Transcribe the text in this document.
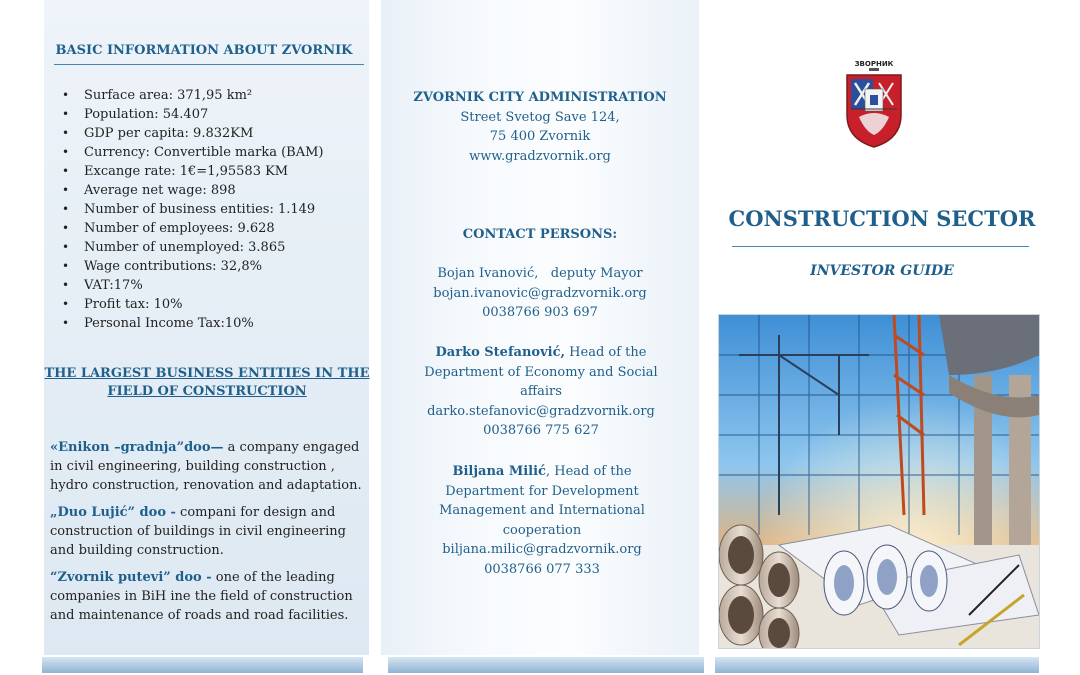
BASIC INFORMATION ABOUT ZVORNIK
• Surface area: 371,95 km²
• Population: 54.407
• GDP per capita: 9.832KM
• Currency: Convertible marka (BAM)
• Excange rate: 1€=1,95583 KM
• Average net wage: 898
• Number of business entities: 1.149
• Number of employees: 9.628
• Number of unemployed: 3.865
• Wage contributions: 32,8%
• VAT:17%
• Profit tax: 10%
• Personal Income Tax:10%
THE LARGEST BUSINESS ENTITIES IN THE FIELD OF CONSTRUCTION
«Enikon –gradnja”doo— a company engaged in civil engineering, building construction , hydro construction, renovation and adaptation.
„Duo Lujić” doo - compani for design and construction of buildings in civil engineering and building construction.
“Zvornik putevi” doo - one of the leading companies in BiH ine the field of construction and maintenance of roads and road facilities.
ZVORNIK CITY ADMINISTRATION
Street Svetog Save 124,
75 400 Zvornik
www.gradzvornik.org
CONTACT PERSONS:
Bojan Ivanović,   deputy Mayor
bojan.ivanovic@gradzvornik.org
0038766 903 697
Darko Stefanović, Head of the Department of Economy and Social affairs
darko.stefanovic@gradzvornik.org
0038766 775 627
Biljana Milić, Head of the Department for Development Management and International cooperation
biljana.milic@gradzvornik.org
0038766 077 333
ЗВОРНИК
CONSTRUCTION SECTOR
INVESTOR GUIDE
